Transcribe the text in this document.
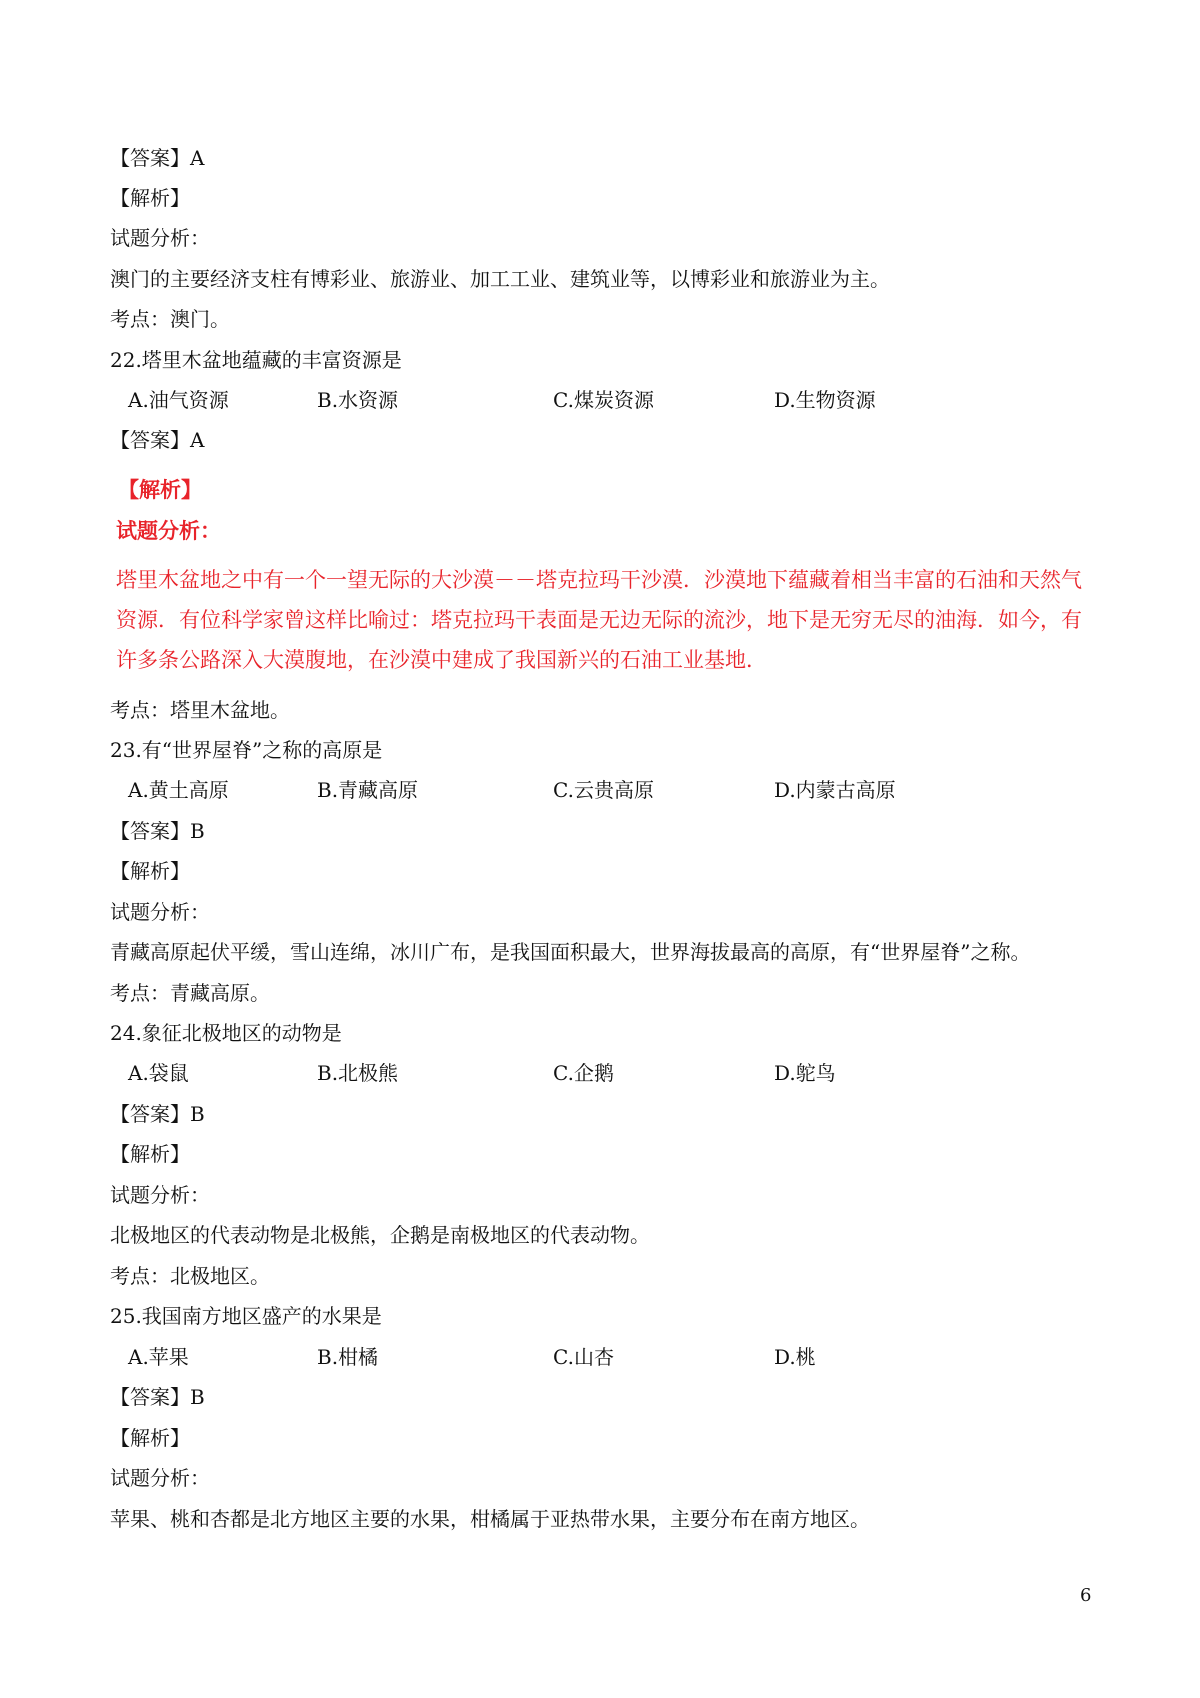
【答案】A
【解析】
试题分析：
澳门的主要经济支柱有博彩业、旅游业、加工工业、建筑业等，以博彩业和旅游业为主。
考点：澳门。
22.塔里木盆地蕴藏的丰富资源是
A.油气资源	B.水资源	C.煤炭资源	D.生物资源
【答案】A
【解析】
试题分析：
塔里木盆地之中有一个一望无际的大沙漠－－塔克拉玛干沙漠．沙漠地下蕴藏着相当丰富的石油和天然气
资源．有位科学家曾这样比喻过：塔克拉玛干表面是无边无际的流沙，地下是无穷无尽的油海．如今，有
许多条公路深入大漠腹地，在沙漠中建成了我国新兴的石油工业基地．
考点：塔里木盆地。
23.有“世界屋脊”之称的高原是
A.黄土高原	B.青藏高原	C.云贵高原	D.内蒙古高原
【答案】B
【解析】
试题分析：
青藏高原起伏平缓，雪山连绵，冰川广布，是我国面积最大，世界海拔最高的高原，有“世界屋脊”之称。
考点：青藏高原。
24.象征北极地区的动物是
A.袋鼠	B.北极熊	C.企鹅	D.鸵鸟
【答案】B
【解析】
试题分析：
北极地区的代表动物是北极熊，企鹅是南极地区的代表动物。
考点：北极地区。
25.我国南方地区盛产的水果是
A.苹果	B.柑橘	C.山杏	D.桃
【答案】B
【解析】
试题分析：
苹果、桃和杏都是北方地区主要的水果，柑橘属于亚热带水果，主要分布在南方地区。
6
